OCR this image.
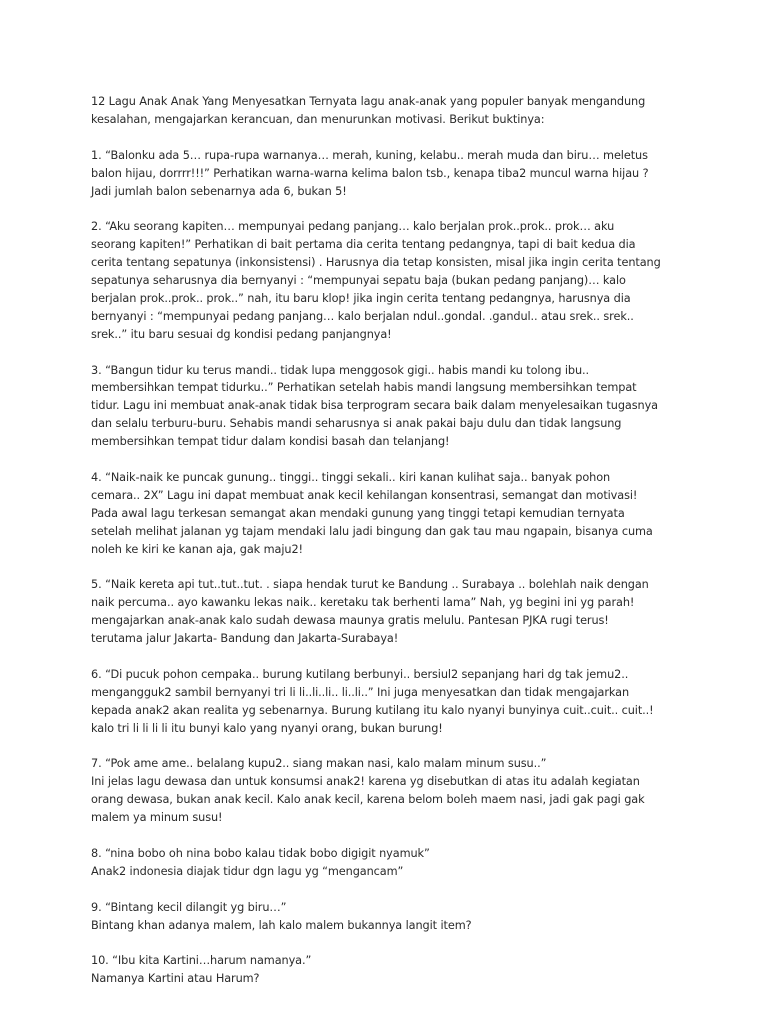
12 Lagu Anak Anak Yang Menyesatkan Ternyata lagu anak-anak yang populer banyak mengandung
kesalahan, mengajarkan kerancuan, dan menurunkan motivasi. Berikut buktinya:
1. “Balonku ada 5… rupa-rupa warnanya… merah, kuning, kelabu.. merah muda dan biru… meletus
balon hijau, dorrrr!!!” Perhatikan warna-warna kelima balon tsb., kenapa tiba2 muncul warna hijau ?
Jadi jumlah balon sebenarnya ada 6, bukan 5!
2. “Aku seorang kapiten… mempunyai pedang panjang… kalo berjalan prok..prok.. prok… aku
seorang kapiten!” Perhatikan di bait pertama dia cerita tentang pedangnya, tapi di bait kedua dia
cerita tentang sepatunya (inkonsistensi) . Harusnya dia tetap konsisten, misal jika ingin cerita tentang
sepatunya seharusnya dia bernyanyi : “mempunyai sepatu baja (bukan pedang panjang)… kalo
berjalan prok..prok.. prok..” nah, itu baru klop! jika ingin cerita tentang pedangnya, harusnya dia
bernyanyi : “mempunyai pedang panjang… kalo berjalan ndul..gondal. .gandul.. atau srek.. srek..
srek..” itu baru sesuai dg kondisi pedang panjangnya!
3. “Bangun tidur ku terus mandi.. tidak lupa menggosok gigi.. habis mandi ku tolong ibu..
membersihkan tempat tidurku..” Perhatikan setelah habis mandi langsung membersihkan tempat
tidur. Lagu ini membuat anak-anak tidak bisa terprogram secara baik dalam menyelesaikan tugasnya
dan selalu terburu-buru. Sehabis mandi seharusnya si anak pakai baju dulu dan tidak langsung
membersihkan tempat tidur dalam kondisi basah dan telanjang!
4. “Naik-naik ke puncak gunung.. tinggi.. tinggi sekali.. kiri kanan kulihat saja.. banyak pohon
cemara.. 2X” Lagu ini dapat membuat anak kecil kehilangan konsentrasi, semangat dan motivasi!
Pada awal lagu terkesan semangat akan mendaki gunung yang tinggi tetapi kemudian ternyata
setelah melihat jalanan yg tajam mendaki lalu jadi bingung dan gak tau mau ngapain, bisanya cuma
noleh ke kiri ke kanan aja, gak maju2!
5. “Naik kereta api tut..tut..tut. . siapa hendak turut ke Bandung .. Surabaya .. bolehlah naik dengan
naik percuma.. ayo kawanku lekas naik.. keretaku tak berhenti lama” Nah, yg begini ini yg parah!
mengajarkan anak-anak kalo sudah dewasa maunya gratis melulu. Pantesan PJKA rugi terus!
terutama jalur Jakarta- Bandung dan Jakarta-Surabaya!
6. “Di pucuk pohon cempaka.. burung kutilang berbunyi.. bersiul2 sepanjang hari dg tak jemu2..
mengangguk2 sambil bernyanyi tri li li..li..li.. li..li..” Ini juga menyesatkan dan tidak mengajarkan
kepada anak2 akan realita yg sebenarnya. Burung kutilang itu kalo nyanyi bunyinya cuit..cuit.. cuit..!
kalo tri li li li li itu bunyi kalo yang nyanyi orang, bukan burung!
7. “Pok ame ame.. belalang kupu2.. siang makan nasi, kalo malam minum susu..”
Ini jelas lagu dewasa dan untuk konsumsi anak2! karena yg disebutkan di atas itu adalah kegiatan
orang dewasa, bukan anak kecil. Kalo anak kecil, karena belom boleh maem nasi, jadi gak pagi gak
malem ya minum susu!
8. “nina bobo oh nina bobo kalau tidak bobo digigit nyamuk”
Anak2 indonesia diajak tidur dgn lagu yg “mengancam”
9. “Bintang kecil dilangit yg biru…”
Bintang khan adanya malem, lah kalo malem bukannya langit item?
10. “Ibu kita Kartini…harum namanya.”
Namanya Kartini atau Harum?
